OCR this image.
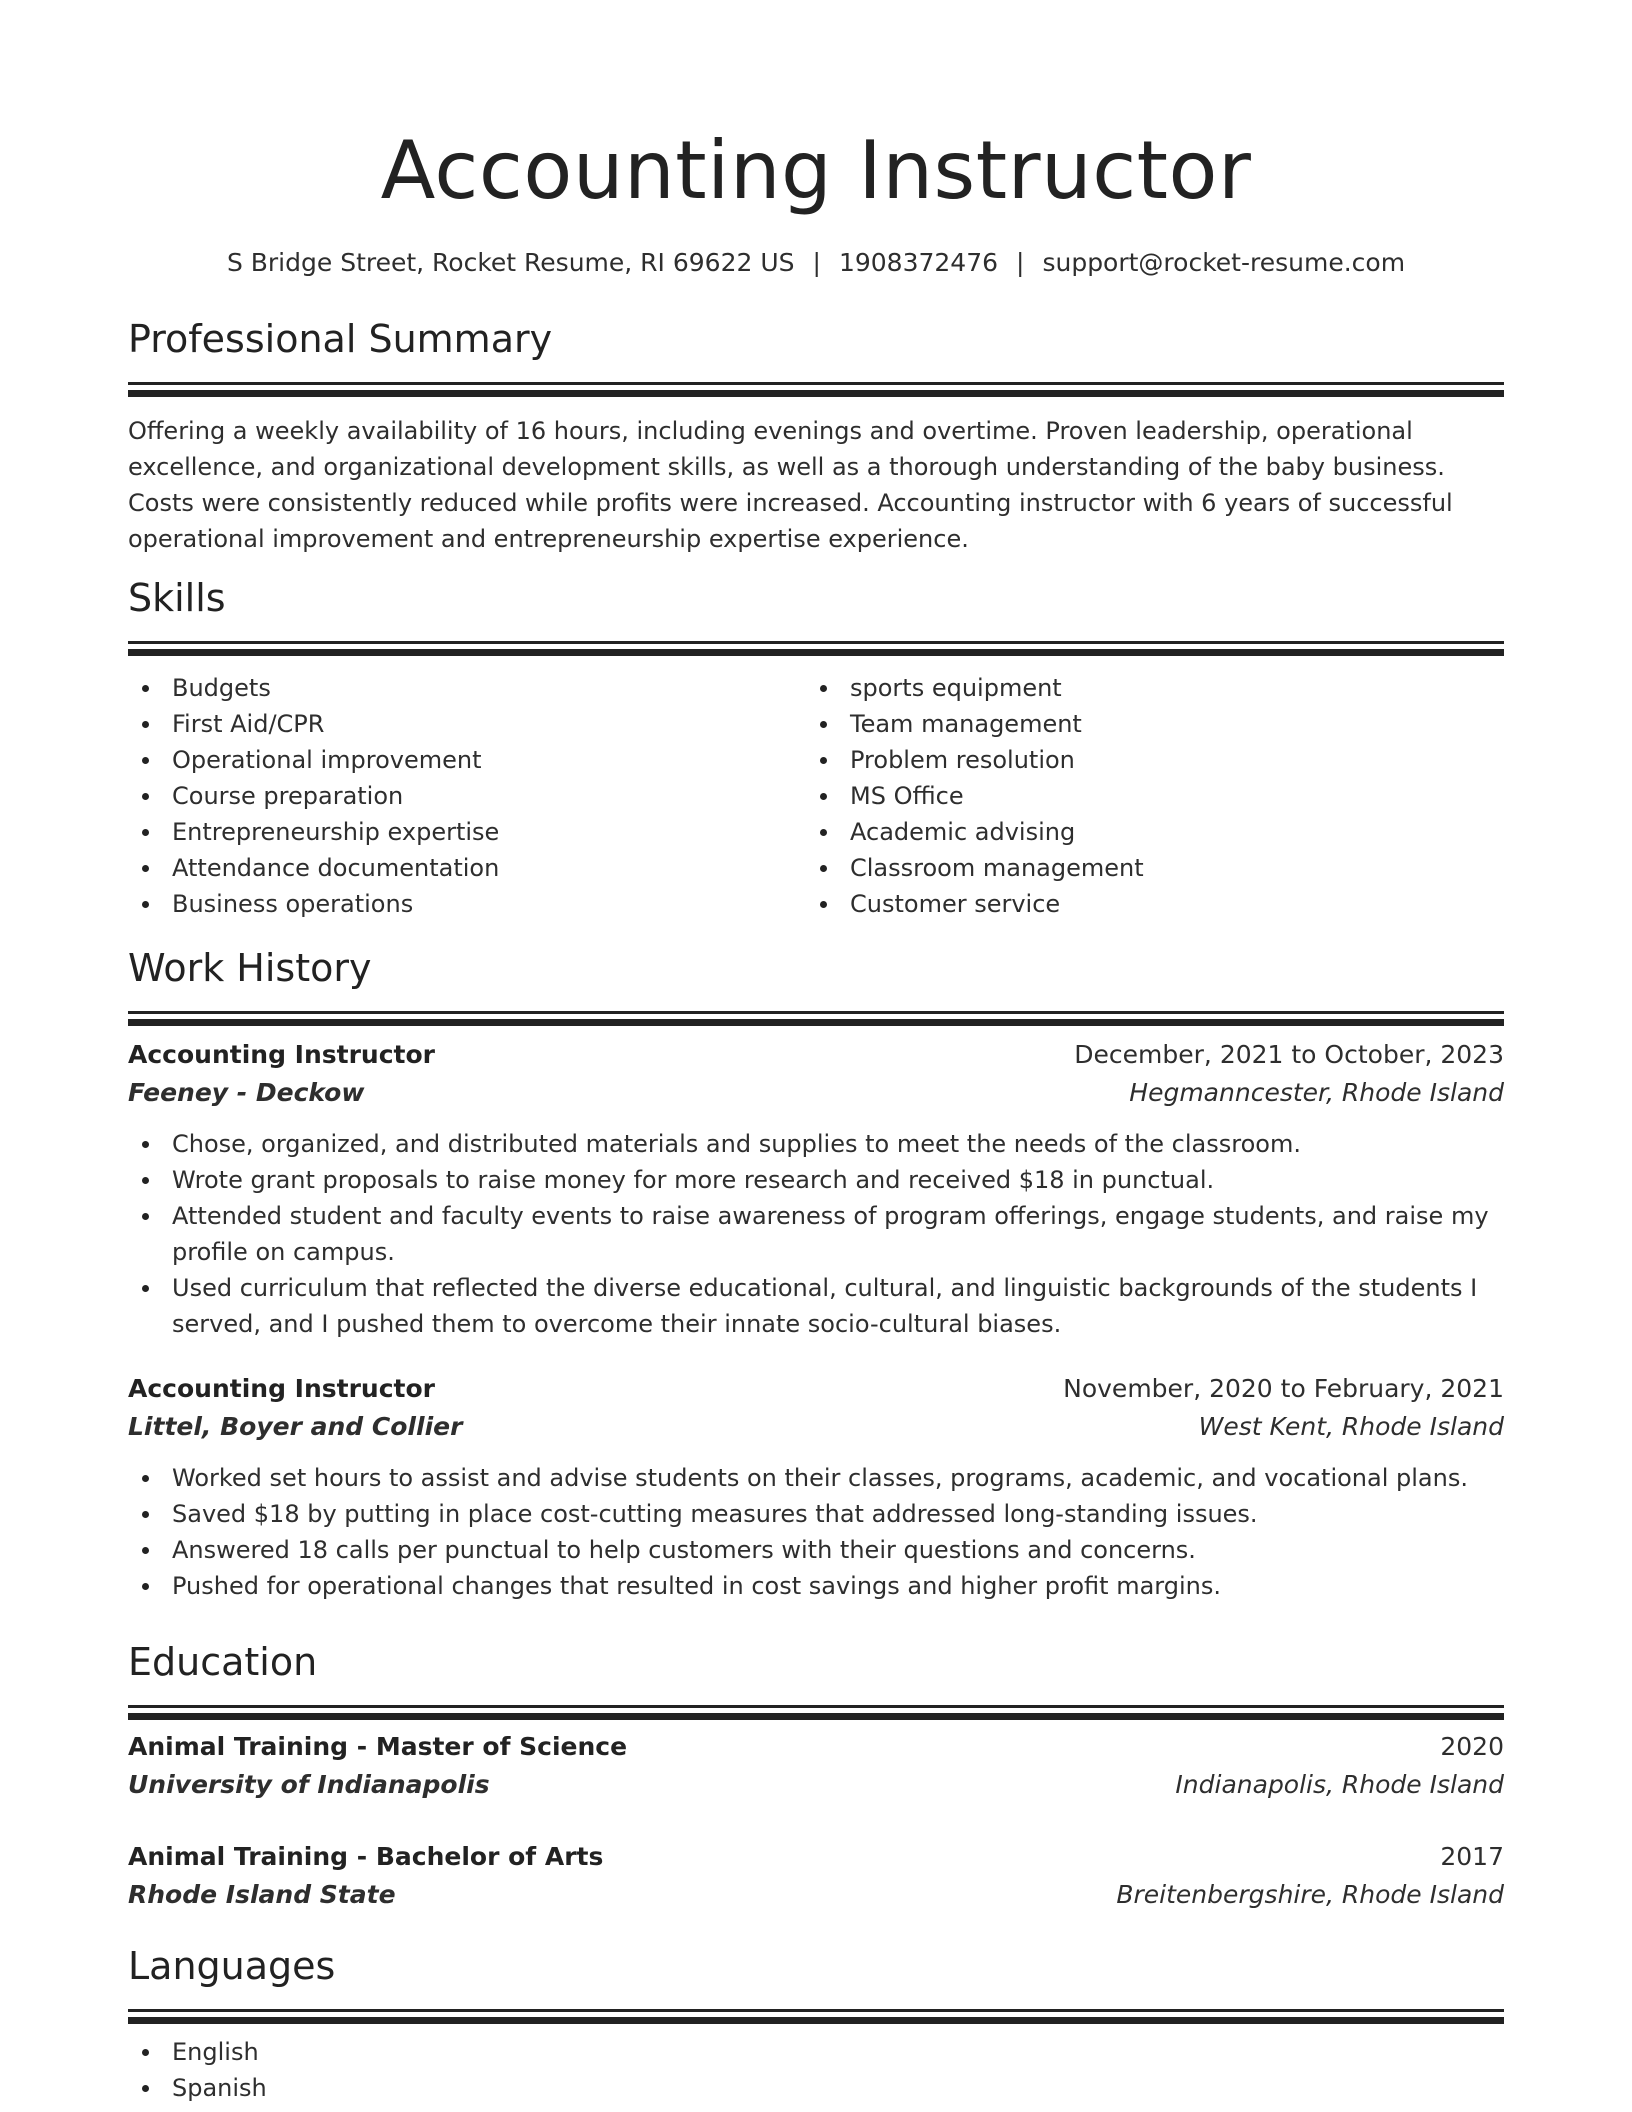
Accounting Instructor
S Bridge Street, Rocket Resume, RI 69622 US | 1908372476 | support@rocket-resume.com
Professional Summary
Offering a weekly availability of 16 hours, including evenings and overtime. Proven leadership, operational excellence, and organizational development skills, as well as a thorough understanding of the baby business. Costs were consistently reduced while profits were increased. Accounting instructor with 6 years of successful operational improvement and entrepreneurship expertise experience.
Skills
Budgets
First Aid/CPR
Operational improvement
Course preparation
Entrepreneurship expertise
Attendance documentation
Business operations
sports equipment
Team management
Problem resolution
MS Office
Academic advising
Classroom management
Customer service
Work History
Accounting Instructor	December, 2021 to October, 2023
Feeney - Deckow	Hegmanncester, Rhode Island
Chose, organized, and distributed materials and supplies to meet the needs of the classroom.
Wrote grant proposals to raise money for more research and received $18 in punctual.
Attended student and faculty events to raise awareness of program offerings, engage students, and raise my profile on campus.
Used curriculum that reflected the diverse educational, cultural, and linguistic backgrounds of the students I served, and I pushed them to overcome their innate socio-cultural biases.
Accounting Instructor	November, 2020 to February, 2021
Littel, Boyer and Collier	West Kent, Rhode Island
Worked set hours to assist and advise students on their classes, programs, academic, and vocational plans.
Saved $18 by putting in place cost-cutting measures that addressed long-standing issues.
Answered 18 calls per punctual to help customers with their questions and concerns.
Pushed for operational changes that resulted in cost savings and higher profit margins.
Education
Animal Training - Master of Science	2020
University of Indianapolis	Indianapolis, Rhode Island
Animal Training - Bachelor of Arts	2017
Rhode Island State	Breitenbergshire, Rhode Island
Languages
English
Spanish
